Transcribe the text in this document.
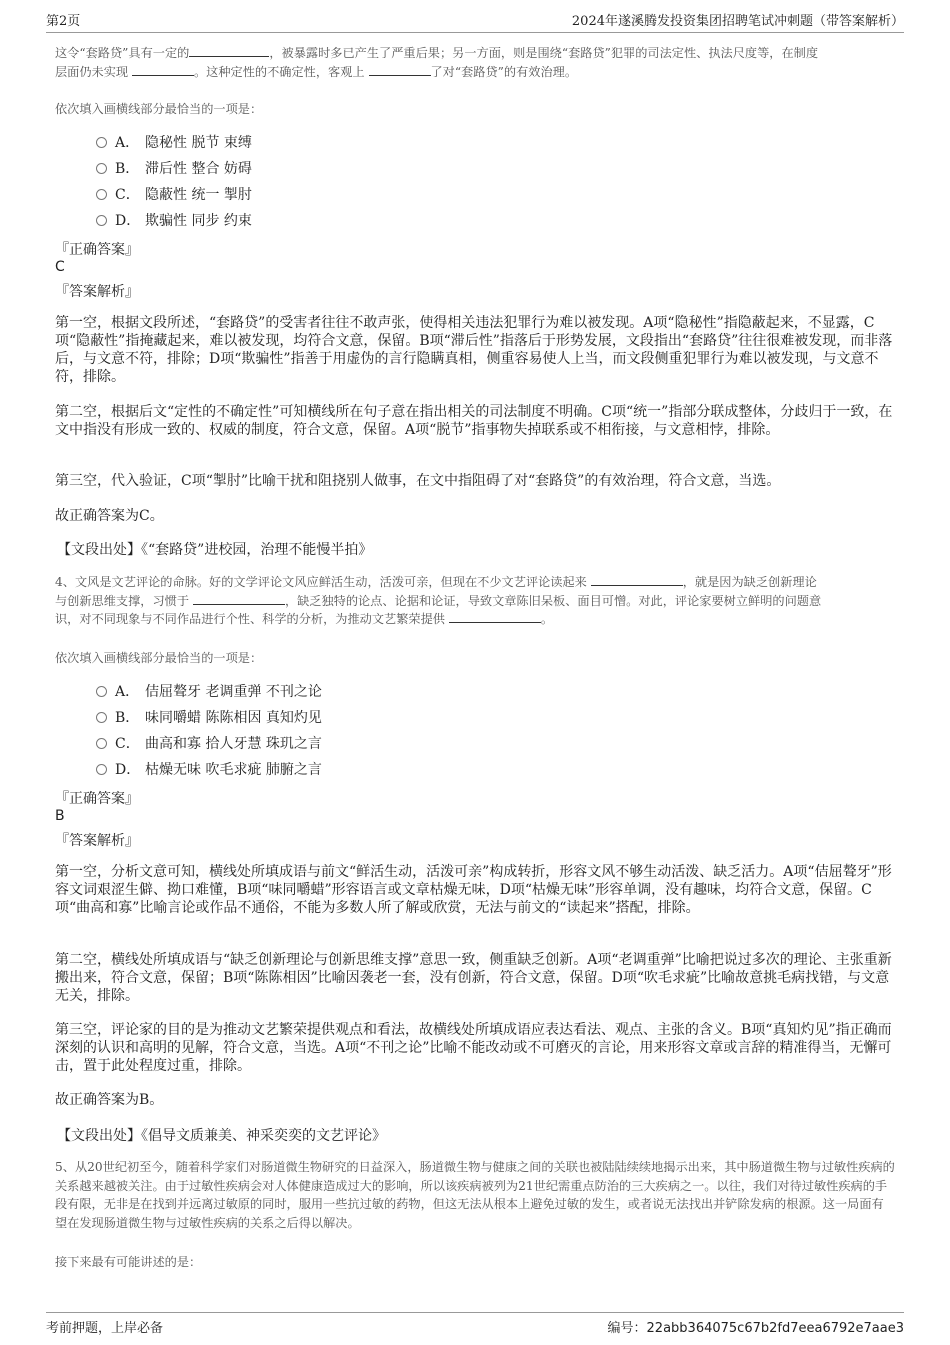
第2页	2024年遂溪腾发投资集团招聘笔试冲刺题（带答案解析）
这令“套路贷”具有一定的	，被暴露时多已产生了严重后果；另一方面，则是围绕“套路贷”犯罪的司法定性、执法尺度等，在制度
层面仍未实现	。这种定性的不确定性，客观上	了对“套路贷”的有效治理。
依次填入画横线部分最恰当的一项是：
A． 隐秘性 脱节 束缚
B． 滞后性 整合 妨碍
C． 隐蔽性 统一 掣肘
D． 欺骗性 同步 约束
『正确答案』
C
『答案解析』
第一空，根据文段所述，“套路贷”的受害者往往不敢声张，使得相关违法犯罪行为难以被发现。A项“隐秘性”指隐蔽起来，不显露，C项“隐蔽性”指掩藏起来，难以被发现，均符合文意，保留。B项“滞后性”指落后于形势发展，文段指出“套路贷”往往很难被发现，而非落后，与文意不符，排除；D项“欺骗性”指善于用虚伪的言行隐瞒真相，侧重容易使人上当，而文段侧重犯罪行为难以被发现，与文意不符，排除。
第二空，根据后文“定性的不确定性”可知横线所在句子意在指出相关的司法制度不明确。C项“统一”指部分联成整体，分歧归于一致，在文中指没有形成一致的、权威的制度，符合文意，保留。A项“脱节”指事物失掉联系或不相衔接，与文意相悖，排除。
第三空，代入验证，C项“掣肘”比喻干扰和阻挠别人做事，在文中指阻碍了对“套路贷”的有效治理，符合文意，当选。
故正确答案为C。
【文段出处】《“套路贷”进校园，治理不能慢半拍》
4、文风是文艺评论的命脉。好的文学评论文风应鲜活生动，活泼可亲，但现在不少文艺评论读起来	，就是因为缺乏创新理论
与创新思维支撑，习惯于	，缺乏独特的论点、论据和论证，导致文章陈旧呆板、面目可憎。对此，评论家要树立鲜明的问题意
识，对不同现象与不同作品进行个性、科学的分析，为推动文艺繁荣提供	。
依次填入画横线部分最恰当的一项是：
A． 佶屈聱牙 老调重弹 不刊之论
B． 味同嚼蜡 陈陈相因 真知灼见
C． 曲高和寡 拾人牙慧 珠玑之言
D． 枯燥无味 吹毛求疵 肺腑之言
『正确答案』
B
『答案解析』
第一空，分析文意可知，横线处所填成语与前文“鲜活生动，活泼可亲”构成转折，形容文风不够生动活泼、缺乏活力。A项“佶屈聱牙”形容文词艰涩生僻、拗口难懂，B项“味同嚼蜡”形容语言或文章枯燥无味，D项“枯燥无味”形容单调，没有趣味，均符合文意，保留。C项“曲高和寡”比喻言论或作品不通俗，不能为多数人所了解或欣赏，无法与前文的“读起来”搭配，排除。
第二空，横线处所填成语与“缺乏创新理论与创新思维支撑”意思一致，侧重缺乏创新。A项“老调重弹”比喻把说过多次的理论、主张重新搬出来，符合文意，保留；B项“陈陈相因”比喻因袭老一套，没有创新，符合文意，保留。D项“吹毛求疵”比喻故意挑毛病找错，与文意无关，排除。
第三空，评论家的目的是为推动文艺繁荣提供观点和看法，故横线处所填成语应表达看法、观点、主张的含义。B项“真知灼见”指正确而深刻的认识和高明的见解，符合文意，当选。A项“不刊之论”比喻不能改动或不可磨灭的言论，用来形容文章或言辞的精准得当，无懈可击，置于此处程度过重，排除。
故正确答案为B。
【文段出处】《倡导文质兼美、神采奕奕的文艺评论》
5、从20世纪初至今，随着科学家们对肠道微生物研究的日益深入，肠道微生物与健康之间的关联也被陆陆续续地揭示出来，其中肠道微生物与过敏性疾病的关系越来越被关注。由于过敏性疾病会对人体健康造成过大的影响，所以该疾病被列为21世纪需重点防治的三大疾病之一。以往，我们对待过敏性疾病的手段有限，无非是在找到并远离过敏原的同时，服用一些抗过敏的药物，但这无法从根本上避免过敏的发生，或者说无法找出并铲除发病的根源。这一局面有望在发现肠道微生物与过敏性疾病的关系之后得以解决。
接下来最有可能讲述的是：
考前押题，上岸必备	编号：22abb364075c67b2fd7eea6792e7aae3
